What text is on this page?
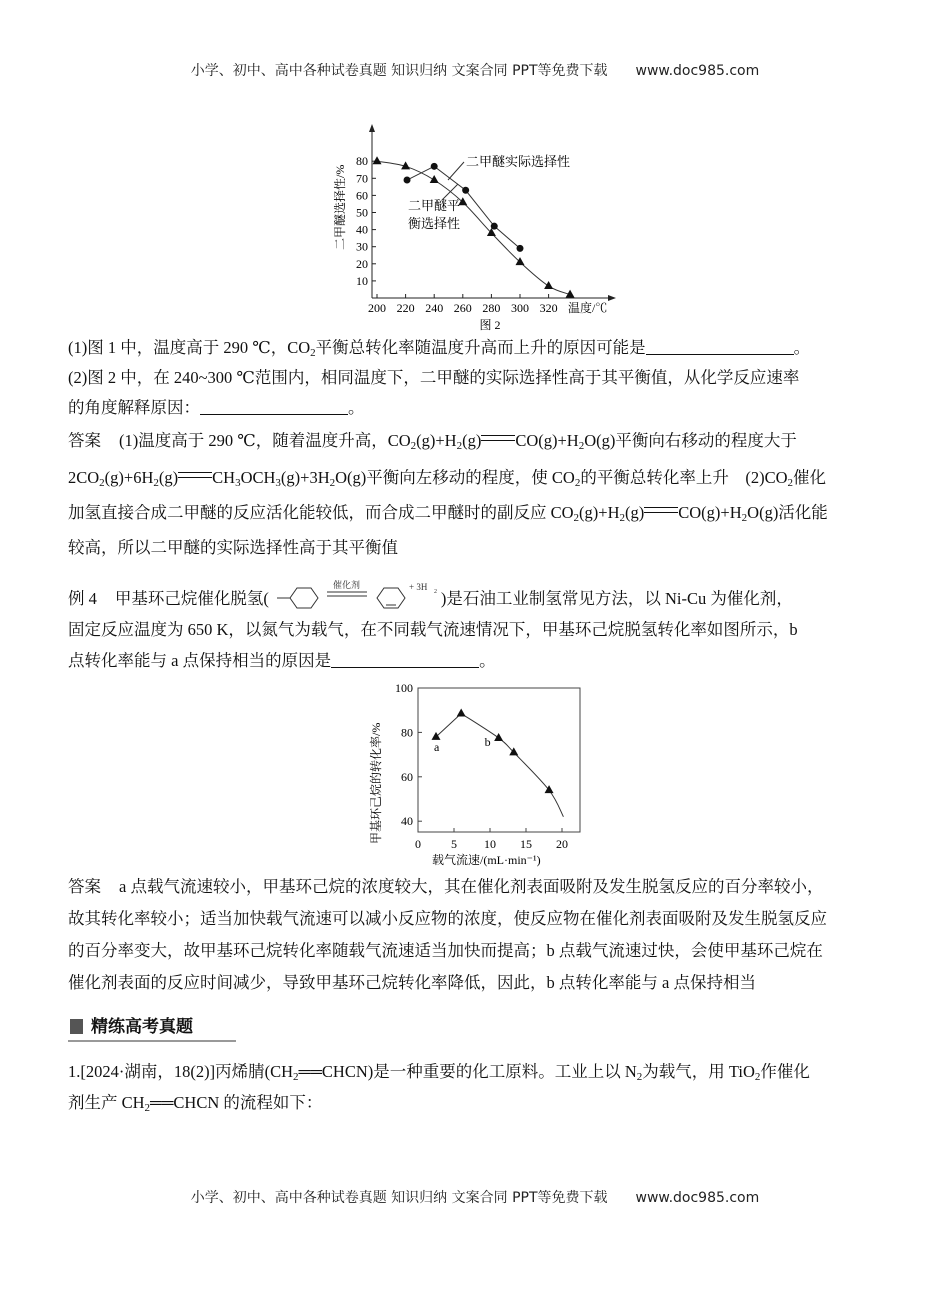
小学、初中、高中各种试卷真题 知识归纳 文案合同 PPT等免费下载 www.doc985.com
200 220 240 260 280 300 320
10
20
30
40
50
60
70
80
温度/℃
二甲醚选择性/%
图 2
二甲醚实际选择性
二甲醚平
衡选择性
(1)图 1 中，温度高于 290 ℃，$CO_2$平衡总转化率随温度升高而上升的原因可能是	。
(2)图 2 中，在 240~300 ℃范围内，相同温度下，二甲醚的实际选择性高于其平衡值，从化学反应速率
的角度解释原因：	。
答案 (1)温度高于 290 ℃，随着温度升高，$CO_2(g)+H_2(g)$ $CO(g)+H_2O(g)$平衡向右移动的程度大于
$2CO_2(g)+6H_2(g)$ $CH_3OCH_3(g)+3H_2O(g)$平衡向左移动的程度，使 $CO_2$的平衡总转化率上升　$(2)CO_2$催化
加氢直接合成二甲醚的反应活化能较低，而合成二甲醚时的副反应 $CO_2(g)+H_2(g)$ $CO(g)+H_2O(g)$活化能
较高，所以二甲醚的实际选择性高于其平衡值
例 4 甲基环己烷催化脱氢(
催化剂	+ 3H 2 )是石油工业制氢常见方法，以 Ni-Cu 为催化剂，
固定反应温度为 650 K，以氮气为载气，在不同载气流速情况下，甲基环己烷脱氢转化率如图所示，b
点转化率能与 a 点保持相当的原因是	。
答案 a 点载气流速较小，甲基环己烷的浓度较大，其在催化剂表面吸附及发生脱氢反应的百分率较小，
故其转化率较小；适当加快载气流速可以减小反应物的浓度，使反应物在催化剂表面吸附及发生脱氢反应
的百分率变大，故甲基环己烷转化率随载气流速适当加快而提高；b 点载气流速过快，会使甲基环己烷在
催化剂表面的反应时间减少，导致甲基环己烷转化率降低，因此，b 点转化率能与 a 点保持相当
1.[2024·湖南，18(2)]丙烯腈$(CH_2══CHCN)$是一种重要的化工原料。工业上以 $N_2$为载气，用 TiO$_2$作催化
剂生产 $CH_2══CHCN$ 的流程如下：
0	5 10 15 20
40
60
80
100
载气流速/(mL·min⁻¹)
甲基环己烷的转化率/%	a	b
精练高考真题
小学、初中、高中各种试卷真题 知识归纳 文案合同 PPT等免费下载 www.doc985.com
